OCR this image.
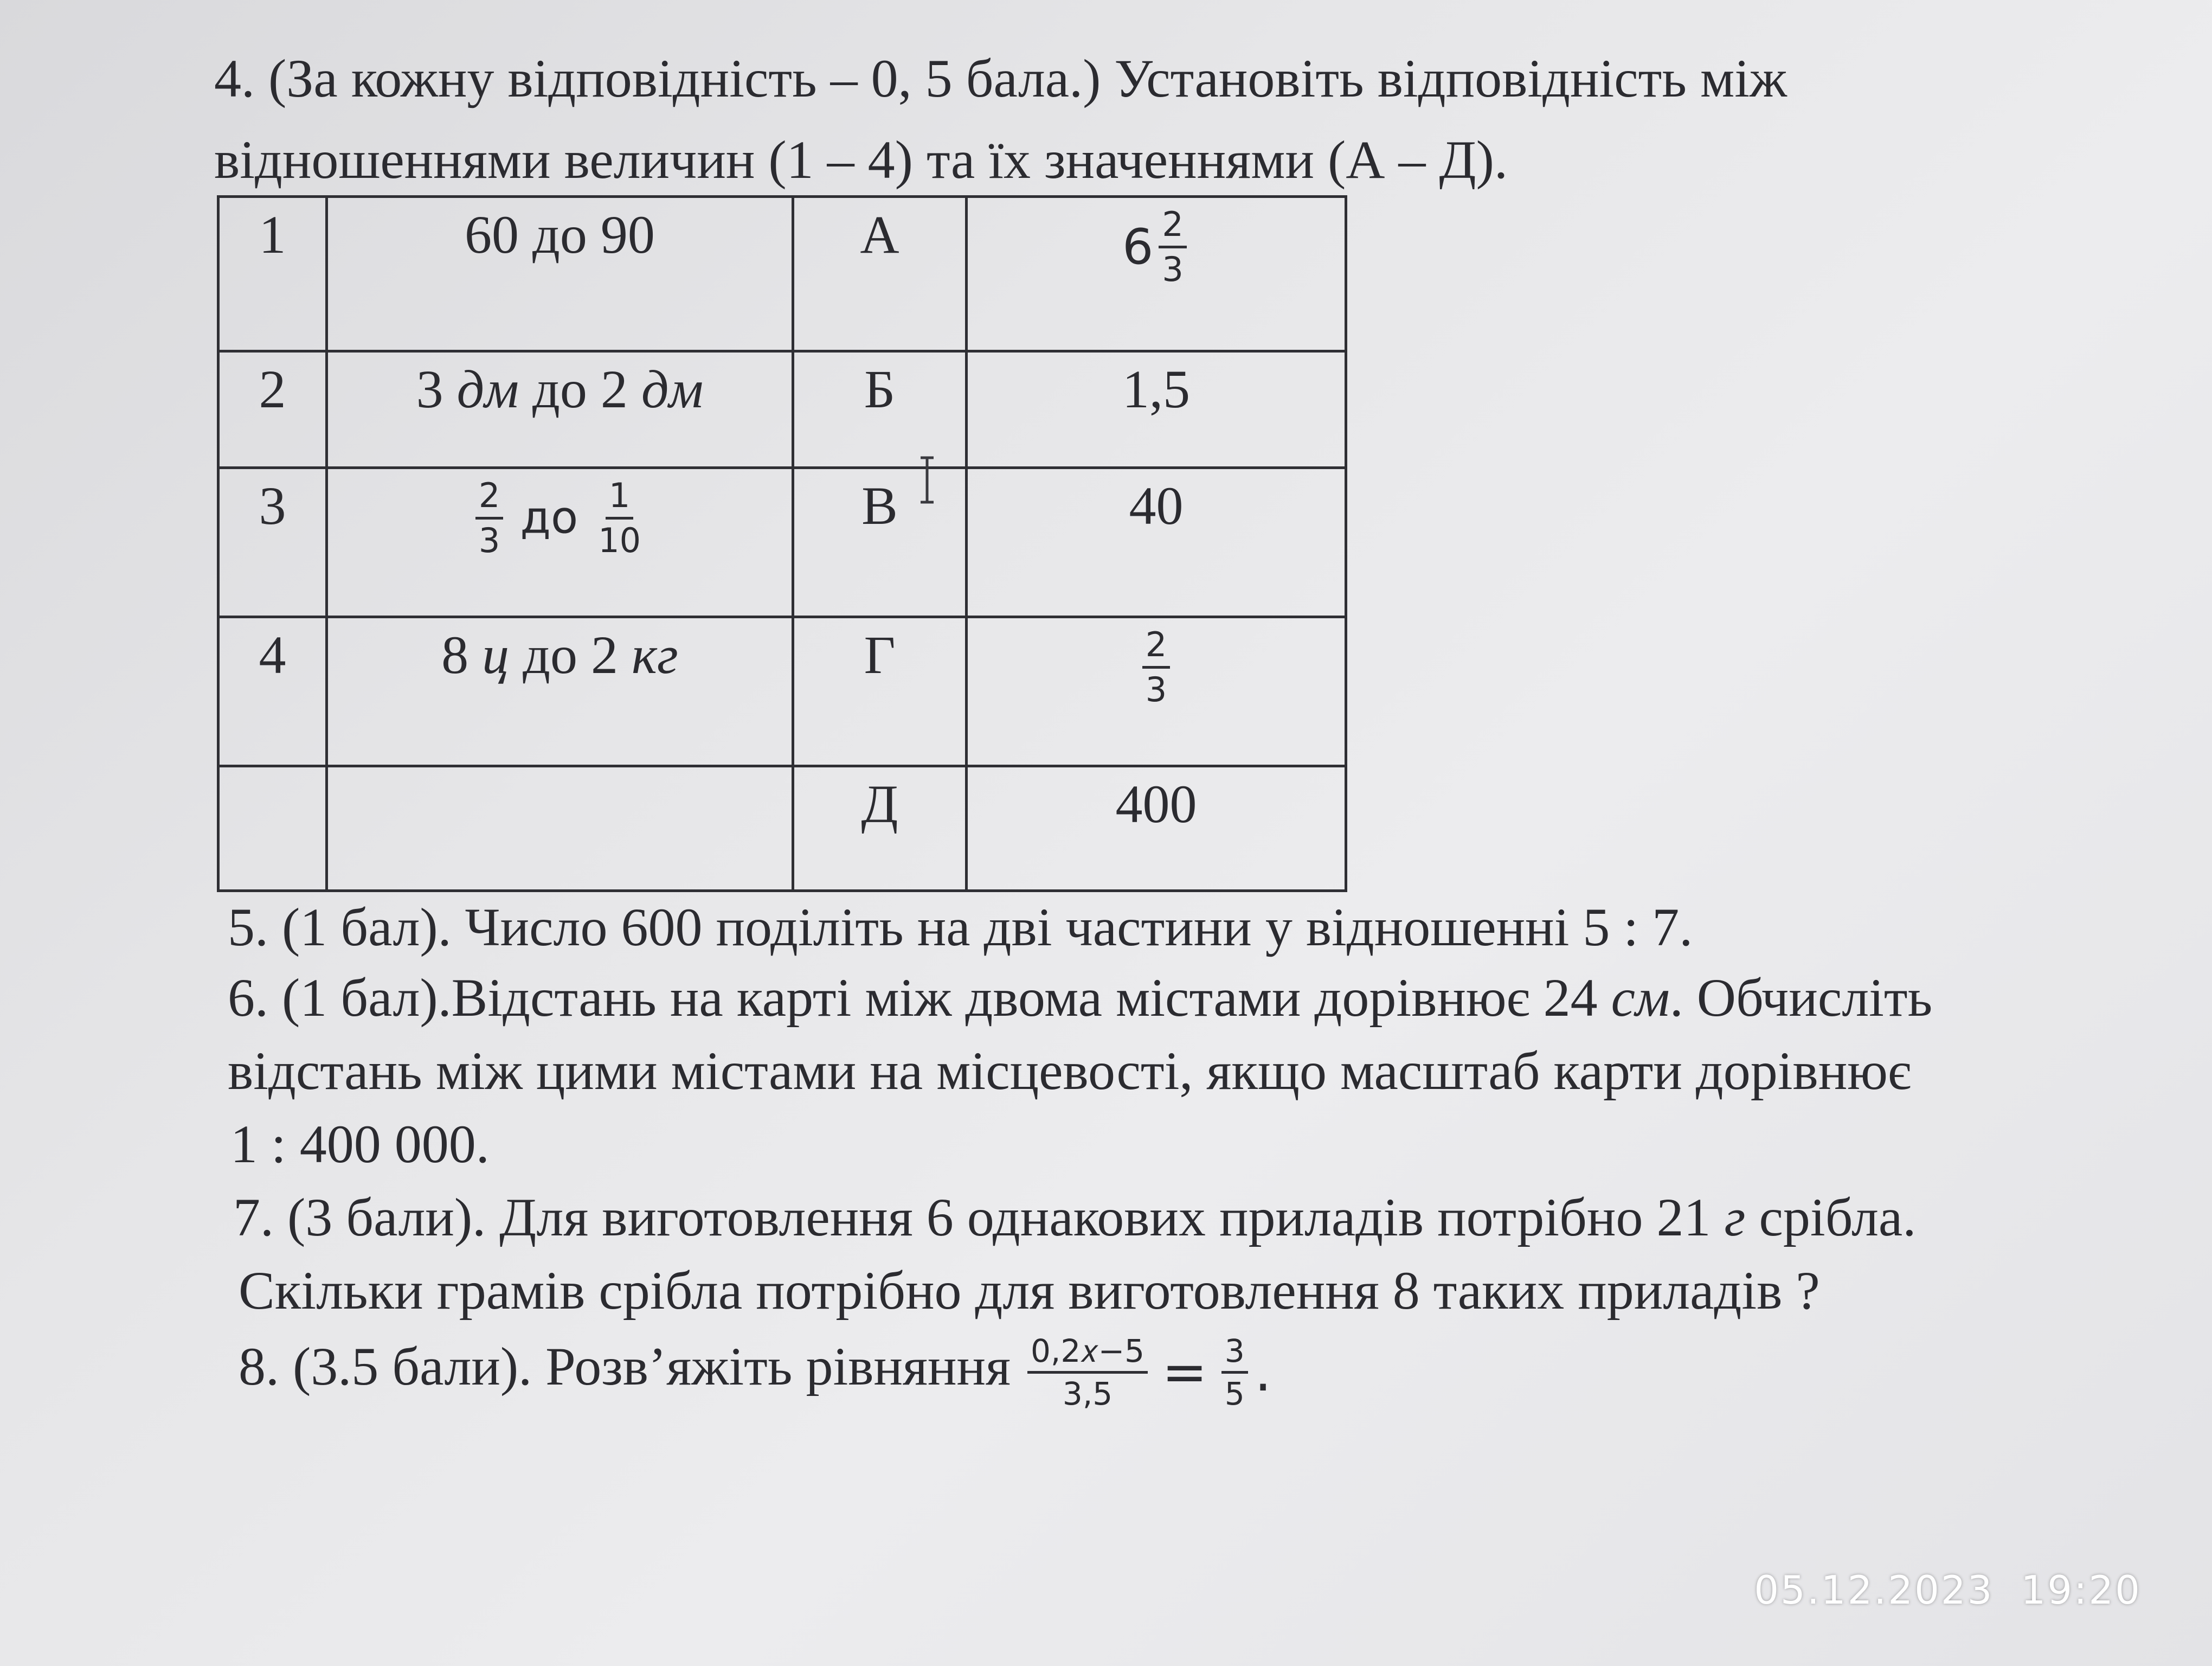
4. (За кожну відповідність – 0, 5 бала.) Установіть відповідність між
відношеннями величин (1 – 4) та їх значеннями (А – Д).
1	60 до 90	А	$6 \frac{2}{3}$

2	3 дм до 2 дм	Б	1,5
3	$\frac{2}{3}$ до $\frac{1}{10}$	В	40
4	8 ц до 2 кг	Г	$\frac{2}{3}$

		Д	400
5. (1 бал). Число 600 поділіть на дві частини у відношенні 5 : 7.
6. (1 бал).Відстань на карті між двома містами дорівнює 24 см. Обчисліть
відстань між цими містами на місцевості, якщо масштаб карти дорівнює
1 : 400 000.
7. (3 бали). Для виготовлення 6 однакових приладів потрібно 21 г срібла.
Скільки грамів срібла потрібно для виготовлення 8 таких приладів ?
8. (3.5 бали). Розв’яжіть рівняння $\frac{\text{0,2𝑥−5}}{3,5} = \frac{3}{5}$ .
05.12.2023 19:20
